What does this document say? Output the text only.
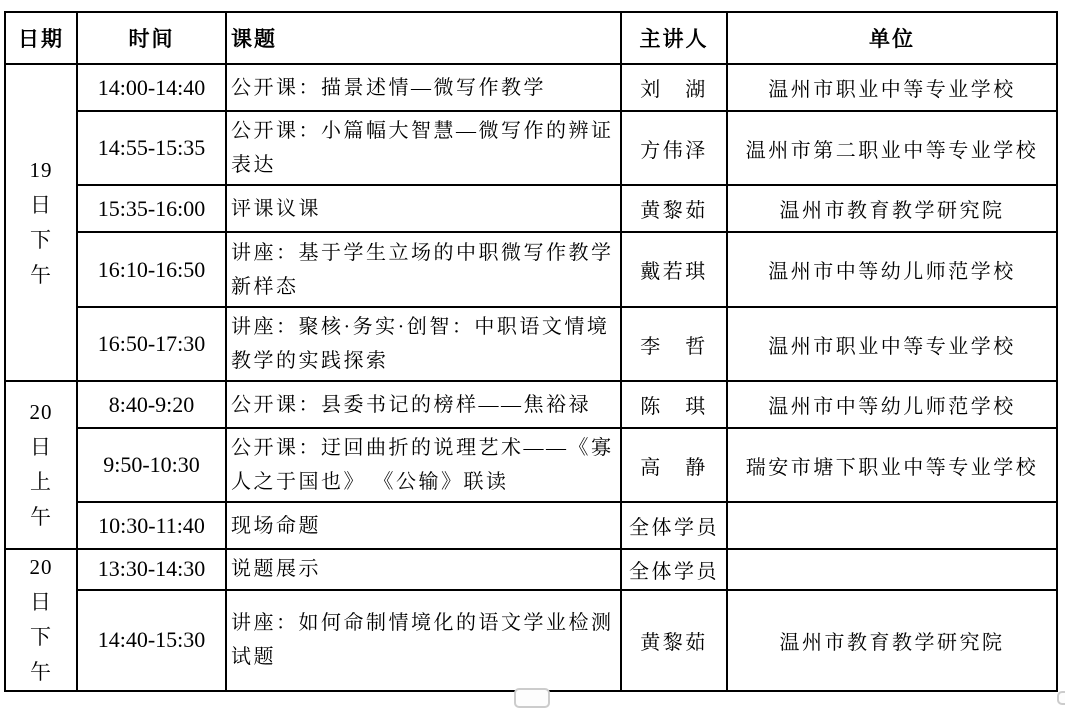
日期	时间	课题	主讲人	单位

19
日
下
午	14:00-14:40	公开课：描景述情—微写作教学	刘　湖	温州市职业中等专业学校
	14:55-15:35	公开课：小篇幅大智慧—微写作的辨证表达	方伟泽	温州市第二职业中等专业学校
	15:35-16:00	评课议课	黄黎茹	温州市教育教学研究院
	16:10-16:50	讲座：基于学生立场的中职微写作教学新样态	戴若琪	温州市中等幼儿师范学校
	16:50-17:30	讲座：聚核·务实·创智：中职语文情境教学的实践探索	李　哲	温州市职业中等专业学校

20
日
上
午	8:40-9:20	公开课：县委书记的榜样——焦裕禄	陈　琪	温州市中等幼儿师范学校
	9:50-10:30	公开课：迂回曲折的说理艺术——《寡人之于国也》 《公输》联读	高　静	瑞安市塘下职业中等专业学校
	10:30-11:40	现场命题	全体学员	

20
日
下
午	13:30-14:30	说题展示	全体学员	
	14:40-15:30	讲座：如何命制情境化的语文学业检测试题	黄黎茹	温州市教育教学研究院
